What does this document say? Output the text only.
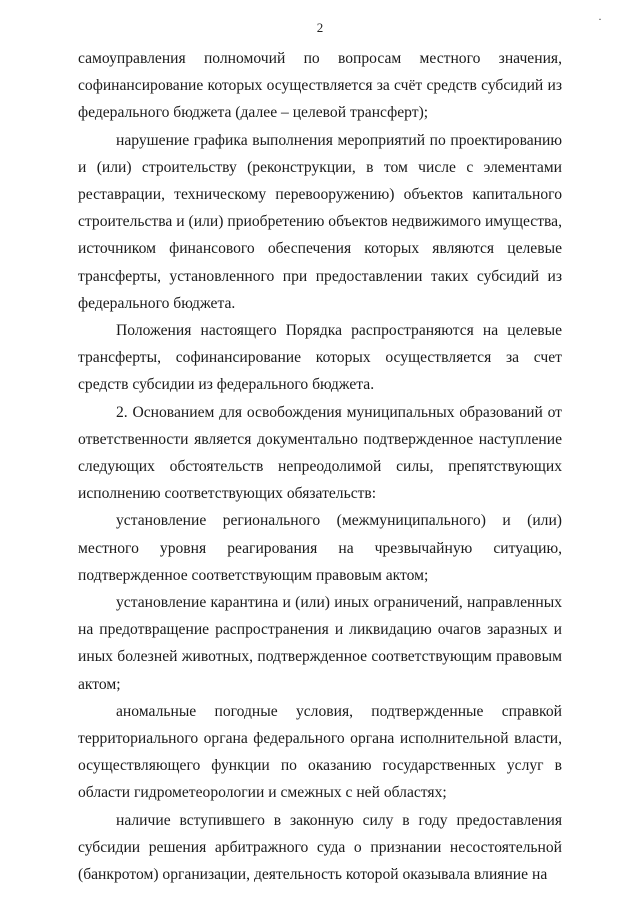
2
·

самоуправления полномочий по вопросам местного значения, софинансирование которых осуществляется за счёт средств субсидий из федерального бюджета (далее – целевой трансферт);

нарушение графика выполнения мероприятий по проектированию и (или) строительству (реконструкции, в том числе с элементами реставрации, техническому перевооружению) объектов капитального строительства и (или) приобретению объектов недвижимого имущества, источником финансового обеспечения которых являются целевые трансферты, установленного при предоставлении таких субсидий из федерального бюджета.

Положения настоящего Порядка распространяются на целевые трансферты, софинансирование которых осуществляется за счет средств субсидии из федерального бюджета.

2. Основанием для освобождения муниципальных образований от ответственности является документально подтвержденное наступление следующих обстоятельств непреодолимой силы, препятствующих исполнению соответствующих обязательств:

установление регионального (межмуниципального) и (или) местного уровня реагирования на чрезвычайную ситуацию, подтвержденное соответствующим правовым актом;

установление карантина и (или) иных ограничений, направленных на предотвращение распространения и ликвидацию очагов заразных и иных болезней животных, подтвержденное соответствующим правовым актом;

аномальные погодные условия, подтвержденные справкой территориального органа федерального органа исполнительной власти, осуществляющего функции по оказанию государственных услуг в области гидрометеорологии и смежных с ней областях;

наличие вступившего в законную силу в году предоставления субсидии решения арбитражного суда о признании несостоятельной (банкротом) организации, деятельность которой оказывала влияние на
